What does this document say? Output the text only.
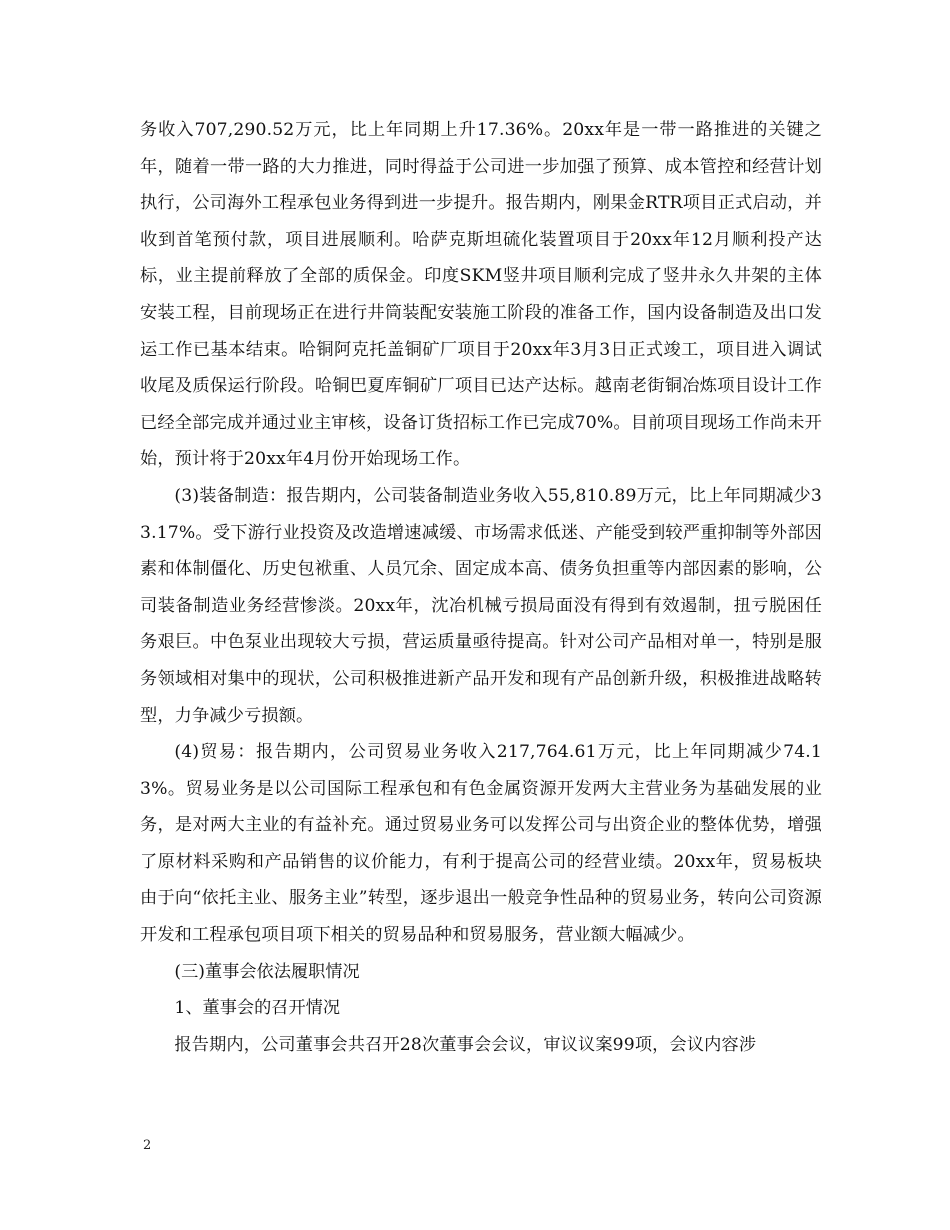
务收入707,290.52万元，比上年同期上升17.36%。20xx年是一带一路推进的关键之年，随着一带一路的大力推进，同时得益于公司进一步加强了预算、成本管控和经营计划执行，公司海外工程承包业务得到进一步提升。报告期内，刚果金RTR项目正式启动，并收到首笔预付款，项目进展顺利。哈萨克斯坦硫化装置项目于20xx年12月顺利投产达标，业主提前释放了全部的质保金。印度SKM竖井项目顺利完成了竖井永久井架的主体安装工程，目前现场正在进行井筒装配安装施工阶段的准备工作，国内设备制造及出口发运工作已基本结束。哈铜阿克托盖铜矿厂项目于20xx年3月3日正式竣工，项目进入调试收尾及质保运行阶段。哈铜巴夏库铜矿厂项目已达产达标。越南老街铜冶炼项目设计工作已经全部完成并通过业主审核，设备订货招标工作已完成70%。目前项目现场工作尚未开始，预计将于20xx年4月份开始现场工作。

(3)装备制造：报告期内，公司装备制造业务收入55,810.89万元，比上年同期减少33.17%。受下游行业投资及改造增速减缓、市场需求低迷、产能受到较严重抑制等外部因素和体制僵化、历史包袱重、人员冗余、固定成本高、债务负担重等内部因素的影响，公司装备制造业务经营惨淡。20xx年，沈冶机械亏损局面没有得到有效遏制，扭亏脱困任务艰巨。中色泵业出现较大亏损，营运质量亟待提高。针对公司产品相对单一，特别是服务领域相对集中的现状，公司积极推进新产品开发和现有产品创新升级，积极推进战略转型，力争减少亏损额。

(4)贸易：报告期内，公司贸易业务收入217,764.61万元，比上年同期减少74.13%。贸易业务是以公司国际工程承包和有色金属资源开发两大主营业务为基础发展的业务，是对两大主业的有益补充。通过贸易业务可以发挥公司与出资企业的整体优势，增强了原材料采购和产品销售的议价能力，有利于提高公司的经营业绩。20xx年，贸易板块由于向“依托主业、服务主业”转型，逐步退出一般竞争性品种的贸易业务，转向公司资源开发和工程承包项目项下相关的贸易品种和贸易服务，营业额大幅减少。

(三)董事会依法履职情况

1、董事会的召开情况

报告期内，公司董事会共召开28次董事会会议，审议议案99项，会议内容涉

2
